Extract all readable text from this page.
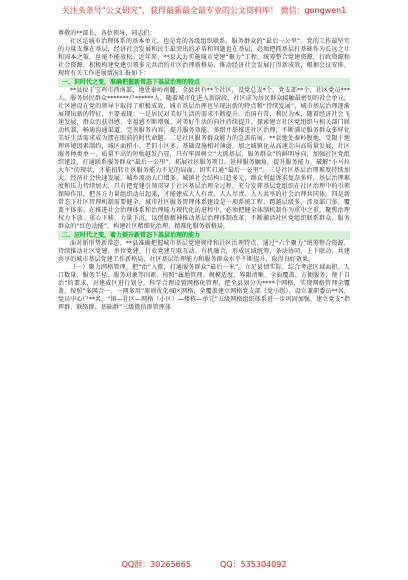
关注头条号“公文研究”，获得最新最全最专业的公文资料库！ 微信：gongwen1

尊敬的**部长，各位领导，同志们：

社区是城市治理体系的基本单元，也是党的各级组织联系、服务群众的“最后一公里”。党的工作最坚实的力量支撑在基层，经济社会发展和民生最突出的矛盾和问题也在基层，必须把抓基层打基础作为长远之计和固本之策，丝毫不能放松。近年来，**县大力实施城市党建“聚力”工程，统筹整合党建资源，行政资源和社会资源，积极构建党建引领多元共治的社区治理新格局，推动经济社会发展打得新成效，根据会议安排，现将有关工作进展情况汇报如下：

一、识时代之变，准确把握新常态下基层治理的特点

**县位于宝鸡市西南部，地处秦岭南麓，全县共有**个社区，设党总支*个、党支部**个，社区党员***人。服务居民群众*******户******人。随着城市化进入新阶段，社区成为居民群众接触最密切的社会单元，社区建设在党的领导下取得了积极成效，城市基层治理也呈现出新的特点和“持续发展”，城市基层治理逐渐展现出新的特征，主要表现：一是居民对美好生活的需求不断提升。治国有常，利民为本，随着经济社会飞速发展，群众的获得感、幸福感不断增强，对美好生活的向往持续提升。探索建立社区党组织与相关部门联动机制，畅通沟通渠道，完善服务内容，提升服务效能，多措并举推进社区治理，不断满足服务群众多样化美好生活需求成为摆在眼前的时代命题。二是社区服务群众能力的急需拓展。**县地处秦岭腹地，受限于地理环境因素制约，城区面积小、老旧小区多，基础设施相对薄弱，加之城镇化从高速走向高质量发展，社区服务种类单一，质量不高的短板越发凸显，只有牢固树立“大抓基层、服务群众”的鲜明导向，加强社区党组织建设，打通联系服务群众“最后一公里”，拓展社区服务项目，延伸服务触角，提升服务能力，破解“小马拉大车”的现状，才能扭转社区服务能力不足的局面，切实打通“最后一公里”。三是社区基层治理难度持续加大。经济社会快速发展，城乡流动人口增多，城镇社会结构日趋多元，群众利益诉求复杂多样，基层治理难度和压力持续加大，只有把党建引领贯穿于社区基层治理全过程，充分发挥基层党组织在社区治理中的引领保障作用，把各方力量组织动员起来，才能建成人人有责、人人尽责、人人共享的社会治理共同体。四是新常态下社区管理机制需要健全。城市社区服务管理体系建设是一项系统工程，跨越层级多、涉及部门多、覆盖主体多。在推进社会治理体系和治理能力现代化的进程中，必须把健全体制机制作为重中之重，聚焦治理权力下放、重心下移、力量下沉，以创新精神推动基层治理体制改革，不断激活社区党组织联系群众、服务群众的“红色动能”，构建社区精细化治理、精准化服务新格局。

二、应时代之变，着力提升新常态下基层治理的能力

面对新形势新常态，**县准确把握城市基层党建规律和社区治理特点，通过“六个聚力”统筹整合资源，持续推动社区党建、单位党建、行业党建互联互动、有机融合，形成区域统筹、条块协同、上下联动、共建共享的城市基层党建工作新格局，社区基层治理能力和服务群众水平不断提升，取得良好效果。

（一）聚力网格管理，把“治”入微，打通服务群众“最后一米”。立足县情实际，综合考虑区域面积、人口数量、服务半径、服务对象等因素，按照“属地管理、规模适度、界限清晰、全面覆盖、方便服务、便于自治”的要求，对建成区进行划分，科学合理设置网格化管理，把全县划分为****个网格，实现网格管理全覆盖，按照“多网合一、一网多用”原则优化城区网格，全覆盖建立网格党支部（党小组），设立兼职委员**名，党员中心户**名，“镇—社区—网格（小区）—楼栋—单元”五级网格组织体系进一步巩固加强。建立党支“指挥群、联络群、基础群”三级微信群管理体

QQ群：30265665	QQ：535304092
